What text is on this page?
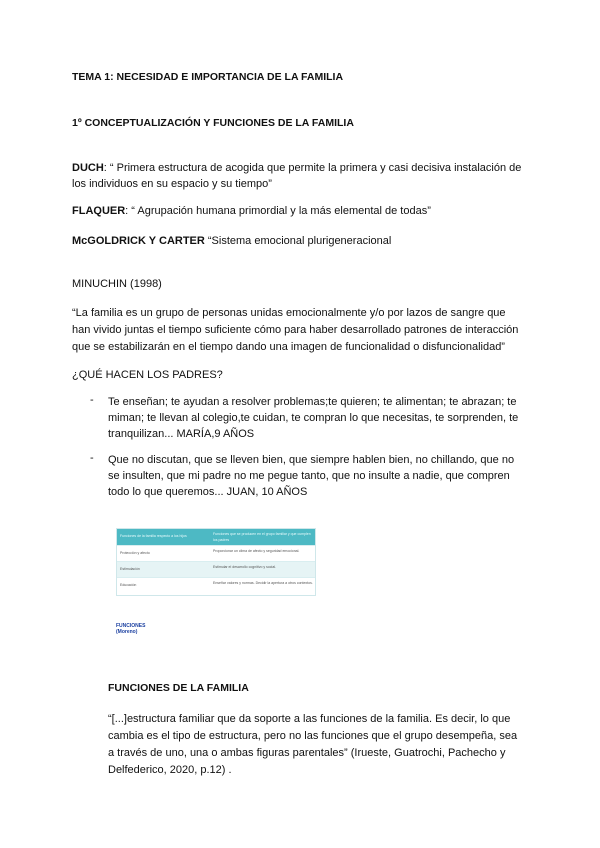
TEMA 1: NECESIDAD E IMPORTANCIA DE LA FAMILIA
1º CONCEPTUALIZACIÓN Y FUNCIONES DE LA FAMILIA
DUCH: “ Primera estructura de acogida que permite la primera y casi decisiva instalación de
los individuos en su espacio y su tiempo”
FLAQUER: “ Agrupación humana primordial y la más elemental de todas”
McGOLDRICK Y CARTER “Sistema emocional plurigeneracional
MINUCHIN (1998)
“La familia es un grupo de personas unidas emocionalmente y/o por lazos de sangre que
han vivido juntas el tiempo suficiente cómo para haber desarrollado patrones de interacción
que se estabilizarán en el tiempo dando una imagen de funcionalidad o disfuncionalidad”
¿QUÉ HACEN LOS PADRES?
- Te enseñan; te ayudan a resolver problemas;te quieren; te alimentan; te abrazan; te
miman; te llevan al colegio,te cuidan, te compran lo que necesitas, te sorprenden, te
tranquilizan... MARÍA,9 AÑOS
- Que no discutan, que se lleven bien, que siempre hablen bien, no chillando, que no
se insulten, que mi padre no me pegue tanto, que no insulte a nadie, que compren
todo lo que queremos... JUAN, 10 AÑOS
Funciones de la familia respecto a los hijos	Funciones que se producen en el grupo familiar y que cumplen los padres
Protección y afecto	Proporcionar un clima de afecto y seguridad emocional.
Estimulación	Estimular el desarrollo cognitivo y social.
Educación	Enseñar valores y normas. Decidir la apertura a otros contextos.
FUNCIONES
(Moreno)
FUNCIONES DE LA FAMILIA
“[...]estructura familiar que da soporte a las funciones de la familia. Es decir, lo que
cambia es el tipo de estructura, pero no las funciones que el grupo desempeña, sea
a través de uno, una o ambas figuras parentales” (Irueste, Guatrochi, Pachecho y
Delfederico, 2020, p.12) .
